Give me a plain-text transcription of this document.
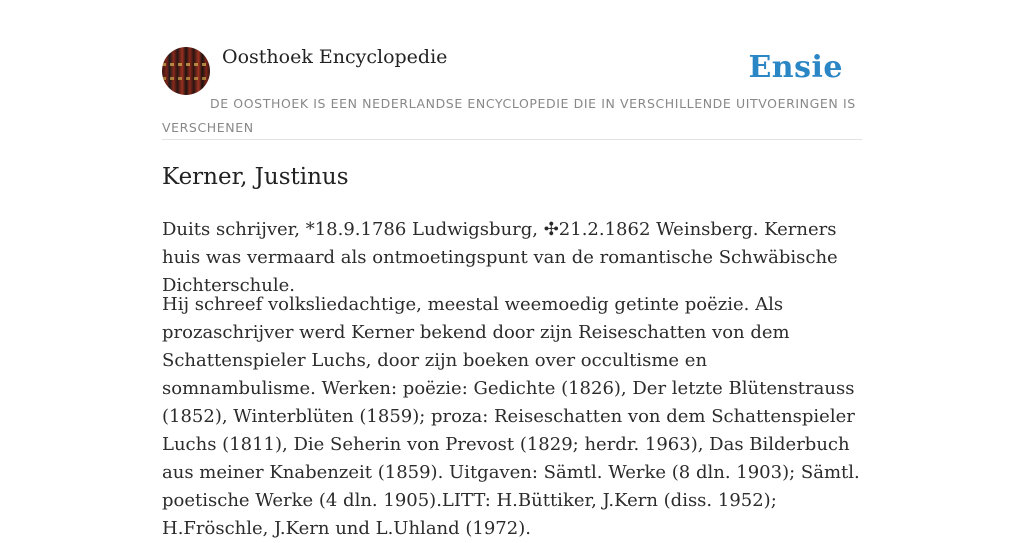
Oosthoek Encyclopedie	Ensie
DE OOSTHOEK IS EEN NEDERLANDSE ENCYCLOPEDIE DIE IN VERSCHILLENDE UITVOERINGEN IS VERSCHENEN
Kerner, Justinus

Duits schrijver, *18.9.1786 Ludwigsburg, ✣21.2.1862 Weinsberg. Kerners huis was vermaard als ontmoetingspunt van de romantische Schwäbische Dichterschule.

Hij schreef volksliedachtige, meestal weemoedig getinte poëzie. Als prozaschrijver werd Kerner bekend door zijn Reiseschatten von dem Schattenspieler Luchs, door zijn boeken over occultisme en somnambulisme. Werken: poëzie: Gedichte (1826), Der letzte Blütenstrauss (1852), Winterblüten (1859); proza: Reiseschatten von dem Schattenspieler Luchs (1811), Die Seherin von Prevost (1829; herdr. 1963), Das Bilderbuch aus meiner Knabenzeit (1859). Uitgaven: Sämtl. Werke (8 dln. 1903); Sämtl. poetische Werke (4 dln. 1905).LITT: H.Büttiker, J.Kern (diss. 1952); H.Fröschle, J.Kern und L.Uhland (1972).
